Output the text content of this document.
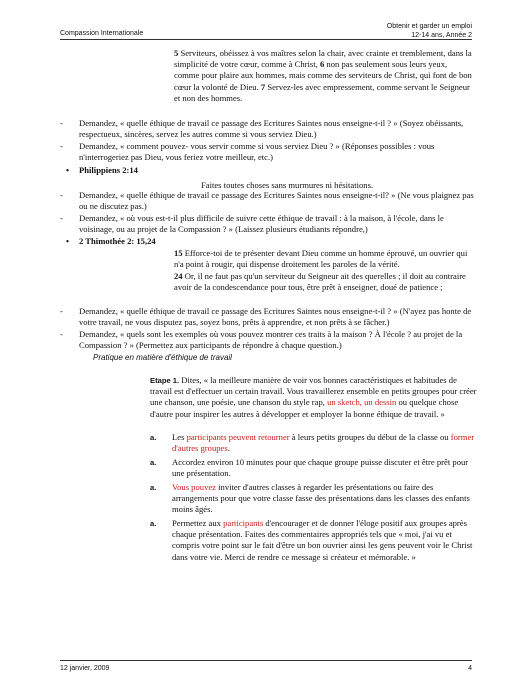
Compassion Internationale
Obtenir et garder un emploi
12-14 ans, Année 2

5 Serviteurs, obéissez à vos maîtres selon la chair, avec crainte et tremblement, dans la simplicité de votre cœur, comme à Christ, 6 non pas seulement sous leurs yeux, comme pour plaire aux hommes, mais comme des serviteurs de Christ, qui font de bon cœur la volonté de Dieu. 7 Servez-les avec empressement, comme servant le Seigneur et non des hommes.

-	Demandez, « quelle éthique de travail ce passage des Ecritures Saintes nous enseigne-t-il ? » (Soyez obéissants, respectueux, sincères, servez les autres comme si vous serviez Dieu.)
-	Demandez, « comment pouvez- vous servir comme si vous serviez Dieu ? » (Réponses possibles : vous n'interrogeriez pas Dieu, vous feriez votre meilleur, etc.)
• Philippiens 2:14

Faites toutes choses sans murmures ni hésitations.

-	Demandez, « quelle éthique de travail ce passage des Ecritures Saintes nous enseigne-t-il? » (Ne vous plaignez pas ou ne discutez pas.)
-	Demandez, « où vous est-t-il plus difficile de suivre cette éthique de travail : à la maison, à l'école, dans le voisinage, ou au projet de la Compassion ? » (Laissez plusieurs étudiants répondre,)
• 2 Thimothée 2: 15,24

15 Efforce-toi de te présenter devant Dieu comme un homme éprouvé, un ouvrier qui n'a point à rougir, qui dispense droitement les paroles de la vérité.

24 Or, il ne faut pas qu'un serviteur du Seigneur ait des querelles ; il doit au contraire avoir de la condescendance pour tous, être prêt à enseigner, doué de patience ;

-	Demandez, « quelle éthique de travail ce passage des Ecritures Saintes nous enseigne-t-il ? » (N'ayez pas honte de votre travail, ne vous disputez pas, soyez bons, prêts à apprendre, et non prêts à se fâcher.)
-	Demandez, « quels sont les exemples où vous pouvez montrer ces traits à la maison ? À l'école ? au projet de la Compassion ? » (Permettez aux participants de répondre à chaque question.)
Pratique en matière d'éthique de travail

Etape 1. Dites, « la meilleure manière de voir vos bonnes caractéristiques et habitudes de travail est d'effectuer un certain travail. Vous travaillerez ensemble en petits groupes pour créer une chanson, une poésie, une chanson du style rap, un sketch, un dessin ou quelque chose d'autre pour inspirer les autres à développer et employer la bonne éthique de travail. »

a.	Les participants peuvent retourner à leurs petits groupes du début de la classe ou former d'autres groupes.
a.	Accordez environ 10 minutes pour que chaque groupe puisse discuter et être prêt pour une présentation.
a.	Vous pouvez inviter d'autres classes à regarder les présentations ou faire des arrangements pour que votre classe fasse des présentations dans les classes des enfants moins âgés.
a.	Permettez aux participants d'encourager et de donner l'éloge positif aux groupes après chaque présentation. Faites des commentaires appropriés tels que « moi, j'ai vu et compris votre point sur le fait d'être un bon ouvrier ainsi les gens peuvent voir le Christ dans votre vie. Merci de rendre ce message si créateur et mémorable. »
12 janvier, 2009	4
